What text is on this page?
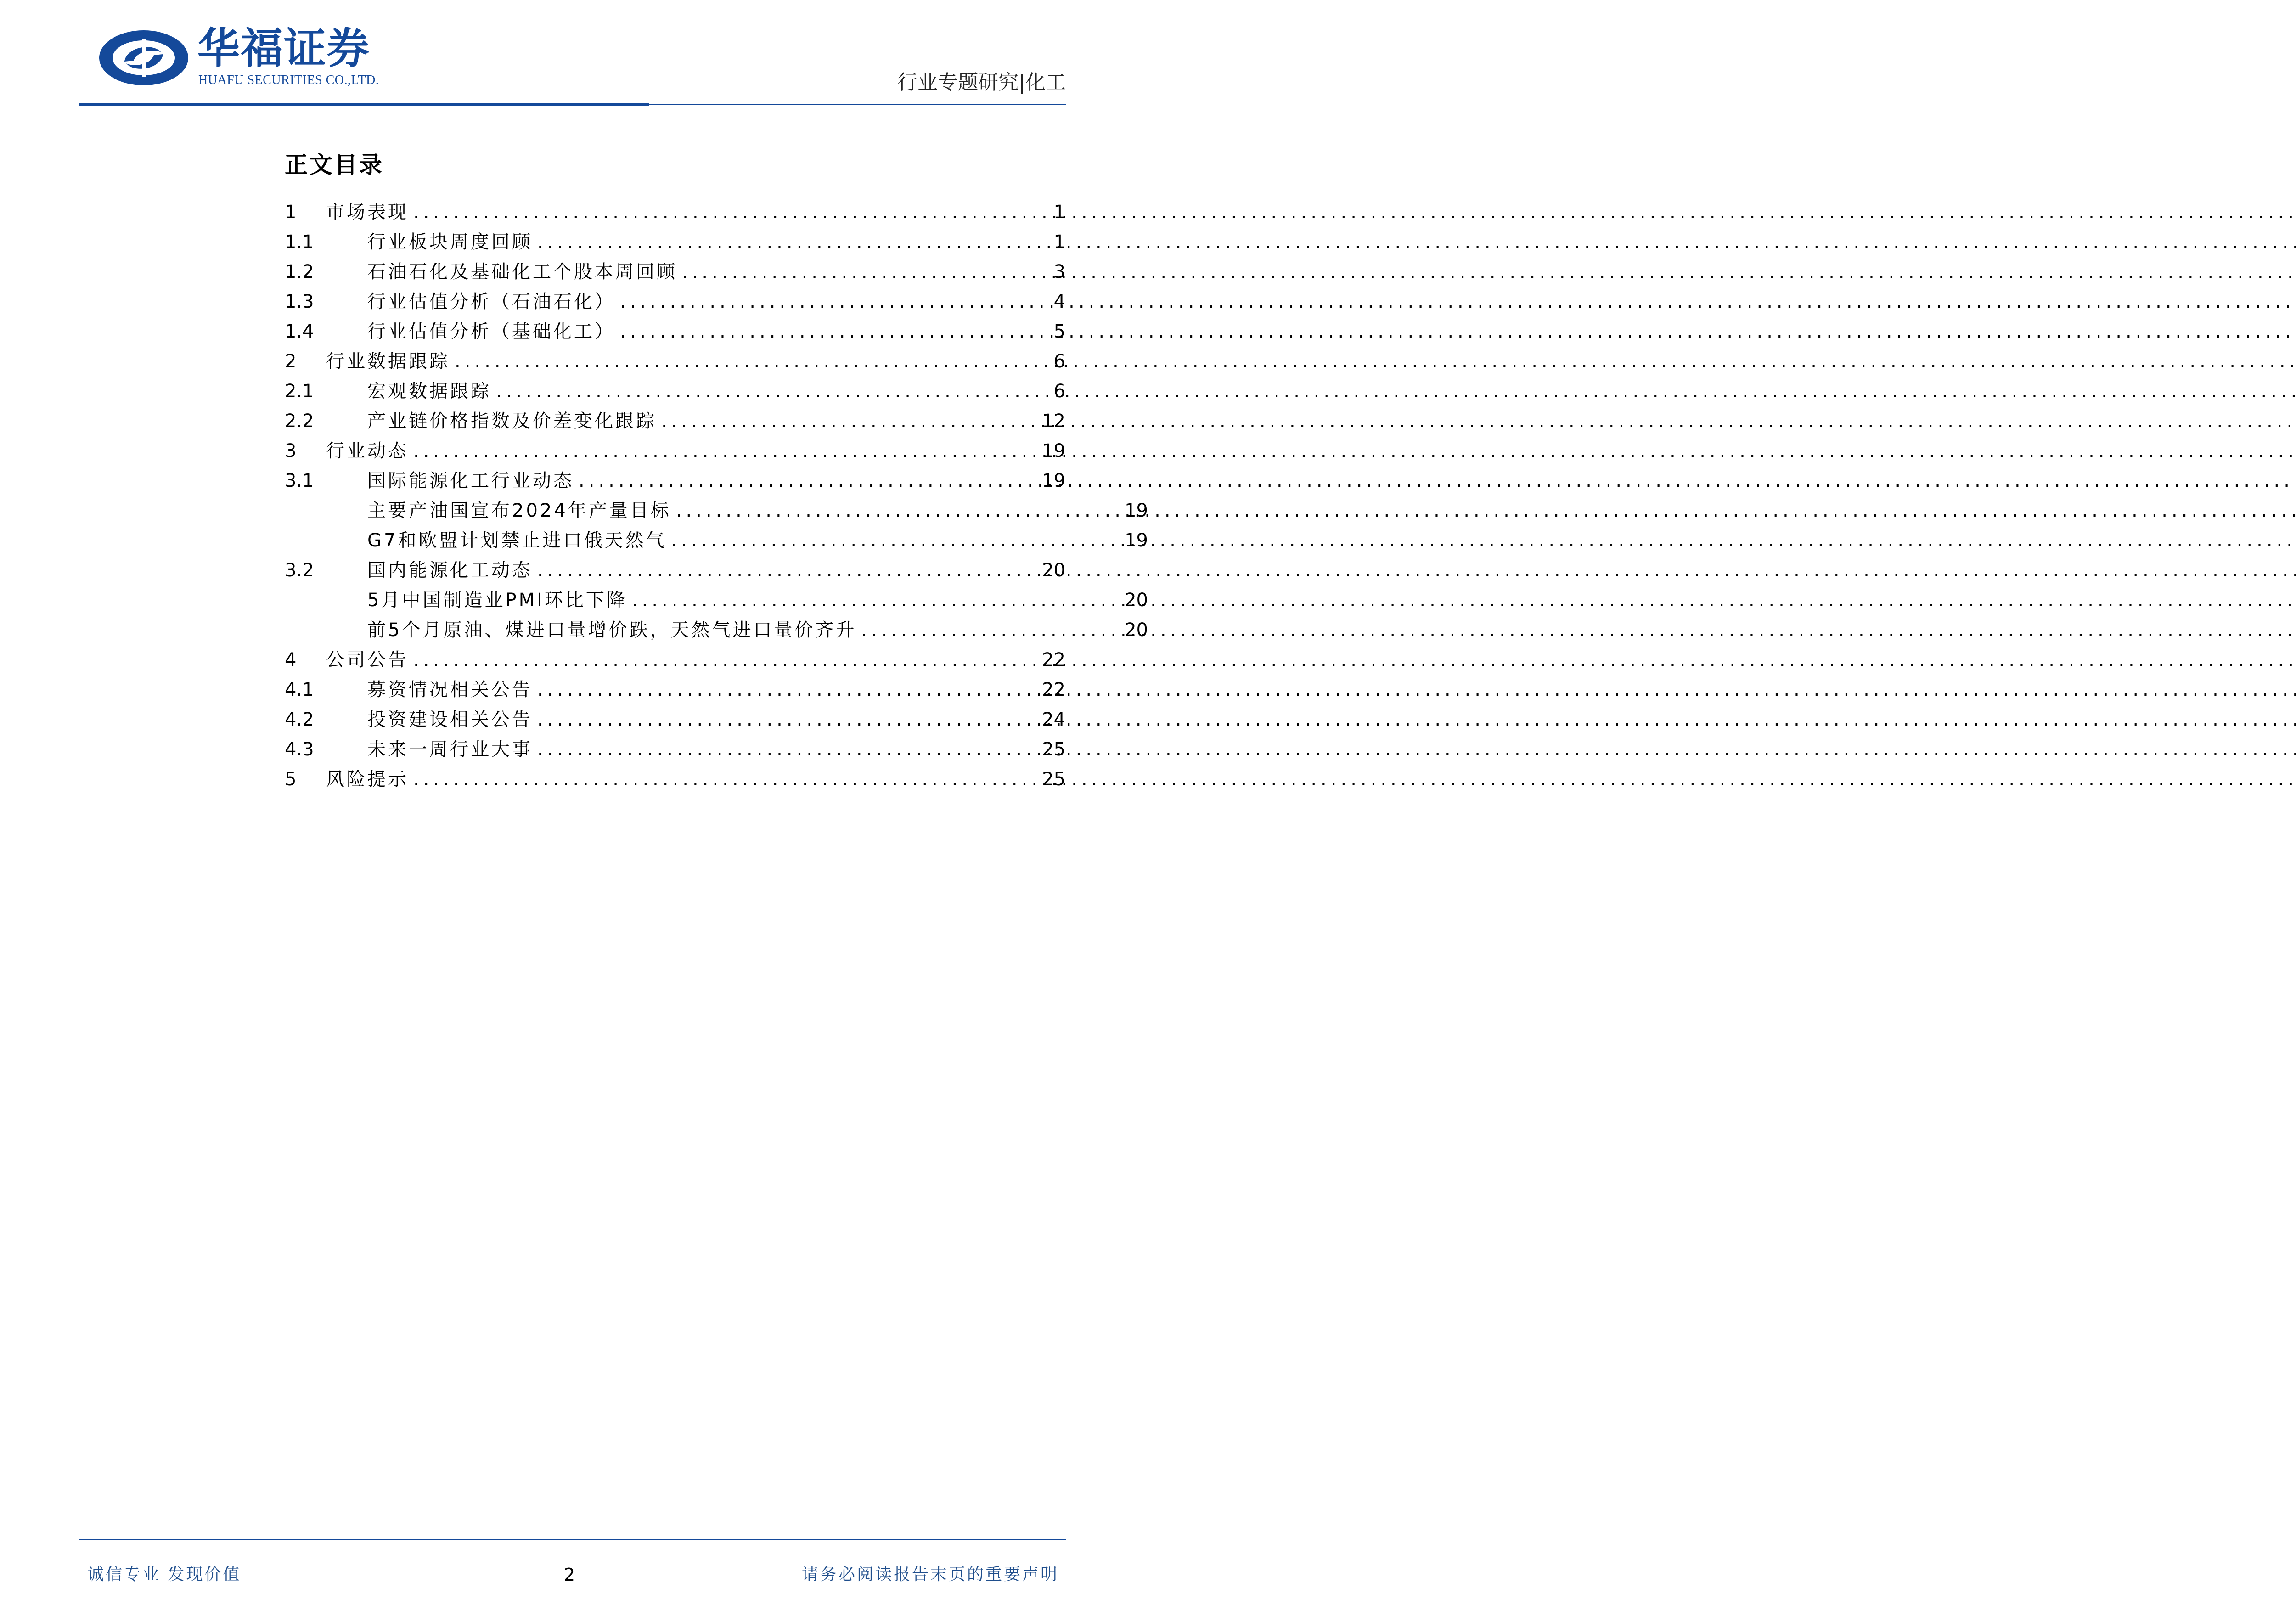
华福证券
HUAFU SECURITIES CO.,LTD.	行业专题研究|化工
正文目录
1	市场表现 .....	1
1.1	行业板块周度回顾 .....	1
1.2	石油石化及基础化工个股本周回顾 .....	3
1.3	行业估值分析（石油石化） .....	4
1.4	行业估值分析（基础化工） .....	5
2	行业数据跟踪 .....	6
2.1	宏观数据跟踪 .....	6
2.2	产业链价格指数及价差变化跟踪 .....	12
3	行业动态 .....	19
3.1	国际能源化工行业动态 .....	19
主要产油国宣布2024年产量目标 .....	19
G7和欧盟计划禁止进口俄天然气 .....	19
3.2	国内能源化工动态 .....	20
5月中国制造业PMI环比下降 .....	20
前5个月原油、煤进口量增价跌，天然气进口量价齐升 .....	20
4	公司公告 .....	22
4.1	募资情况相关公告 .....	22
4.2	投资建设相关公告 .....	24
4.3	未来一周行业大事 .....	25
5	风险提示 .....	25
诚信专业 发现价值	2	请务必阅读报告末页的重要声明
